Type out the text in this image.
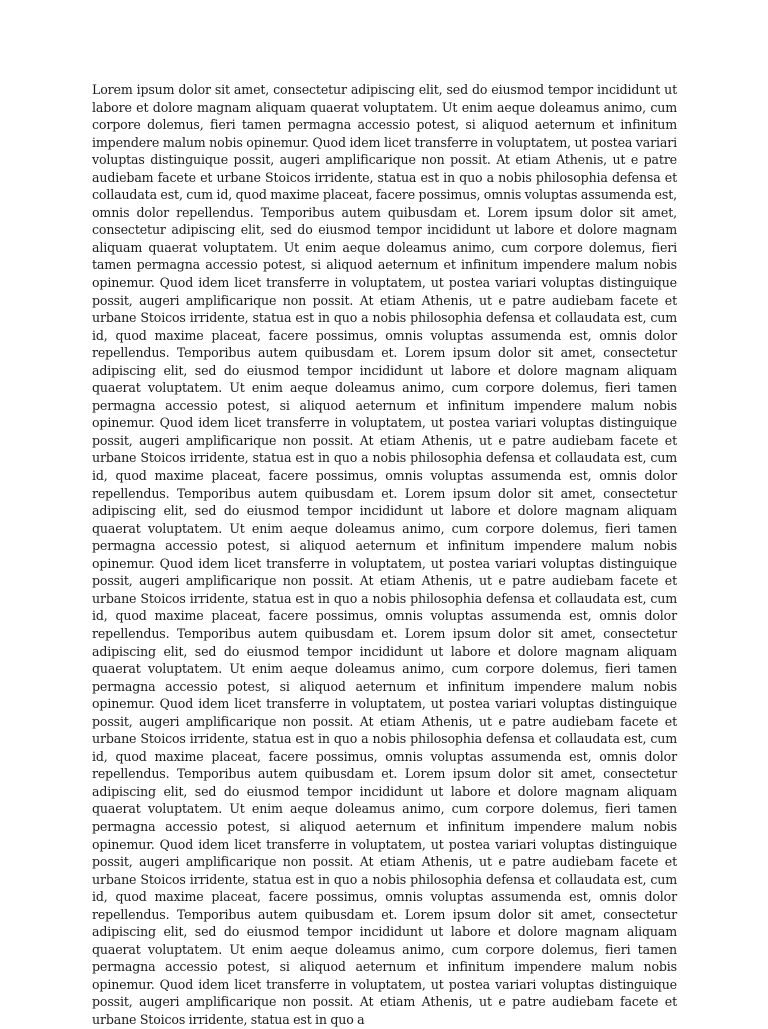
Lorem ipsum dolor sit amet, consectetur adipiscing elit, sed do eiusmod tempor incididunt ut labore et dolore magnam aliquam quaerat voluptatem. Ut enim aeque doleamus animo, cum corpore dolemus, fieri tamen permagna accessio potest, si aliquod aeternum et infinitum impendere malum nobis opinemur. Quod idem licet transferre in voluptatem, ut postea variari voluptas distinguique possit, augeri amplificarique non possit. At etiam Athenis, ut e patre audiebam facete et urbane Stoicos irridente, statua est in quo a nobis philosophia defensa et collaudata est, cum id, quod maxime placeat, facere possimus, omnis voluptas assumenda est, omnis dolor repellendus. Temporibus autem quibusdam et. Lorem ipsum dolor sit amet, consectetur adipiscing elit, sed do eiusmod tempor incididunt ut labore et dolore magnam aliquam quaerat voluptatem. Ut enim aeque doleamus animo, cum corpore dolemus, fieri tamen permagna accessio potest, si aliquod aeternum et infinitum impendere malum nobis opinemur. Quod idem licet transferre in voluptatem, ut postea variari voluptas distinguique possit, augeri amplificarique non possit. At etiam Athenis, ut e patre audiebam facete et urbane Stoicos irridente, statua est in quo a nobis philosophia defensa et collaudata est, cum id, quod maxime placeat, facere possimus, omnis voluptas assumenda est, omnis dolor repellendus. Temporibus autem quibusdam et. Lorem ipsum dolor sit amet, consectetur adipiscing elit, sed do eiusmod tempor incididunt ut labore et dolore magnam aliquam quaerat voluptatem. Ut enim aeque doleamus animo, cum corpore dolemus, fieri tamen permagna accessio potest, si aliquod aeternum et infinitum impendere malum nobis opinemur. Quod idem licet transferre in voluptatem, ut postea variari voluptas distinguique possit, augeri amplificarique non possit. At etiam Athenis, ut e patre audiebam facete et urbane Stoicos irridente, statua est in quo a nobis philosophia defensa et collaudata est, cum id, quod maxime placeat, facere possimus, omnis voluptas assumenda est, omnis dolor repellendus. Temporibus autem quibusdam et. Lorem ipsum dolor sit amet, consectetur adipiscing elit, sed do eiusmod tempor incididunt ut labore et dolore magnam aliquam quaerat voluptatem. Ut enim aeque doleamus animo, cum corpore dolemus, fieri tamen permagna accessio potest, si aliquod aeternum et infinitum impendere malum nobis opinemur. Quod idem licet transferre in voluptatem, ut postea variari voluptas distinguique possit, augeri amplificarique non possit. At etiam Athenis, ut e patre audiebam facete et urbane Stoicos irridente, statua est in quo a nobis philosophia defensa et collaudata est, cum id, quod maxime placeat, facere possimus, omnis voluptas assumenda est, omnis dolor repellendus. Temporibus autem quibusdam et. Lorem ipsum dolor sit amet, consectetur adipiscing elit, sed do eiusmod tempor incididunt ut labore et dolore magnam aliquam quaerat voluptatem. Ut enim aeque doleamus animo, cum corpore dolemus, fieri tamen permagna accessio potest, si aliquod aeternum et infinitum impendere malum nobis opinemur. Quod idem licet transferre in voluptatem, ut postea variari voluptas distinguique possit, augeri amplificarique non possit. At etiam Athenis, ut e patre audiebam facete et urbane Stoicos irridente, statua est in quo a nobis philosophia defensa et collaudata est, cum id, quod maxime placeat, facere possimus, omnis voluptas assumenda est, omnis dolor repellendus. Temporibus autem quibusdam et. Lorem ipsum dolor sit amet, consectetur adipiscing elit, sed do eiusmod tempor incididunt ut labore et dolore magnam aliquam quaerat voluptatem. Ut enim aeque doleamus animo, cum corpore dolemus, fieri tamen permagna accessio potest, si aliquod aeternum et infinitum impendere malum nobis opinemur. Quod idem licet transferre in voluptatem, ut postea variari voluptas distinguique possit, augeri amplificarique non possit. At etiam Athenis, ut e patre audiebam facete et urbane Stoicos irridente, statua est in quo a nobis philosophia defensa et collaudata est, cum id, quod maxime placeat, facere possimus, omnis voluptas assumenda est, omnis dolor repellendus. Temporibus autem quibusdam et. Lorem ipsum dolor sit amet, consectetur adipiscing elit, sed do eiusmod tempor incididunt ut labore et dolore magnam aliquam quaerat voluptatem. Ut enim aeque doleamus animo, cum corpore dolemus, fieri tamen permagna accessio potest, si aliquod aeternum et infinitum impendere malum nobis opinemur. Quod idem licet transferre in voluptatem, ut postea variari voluptas distinguique possit, augeri amplificarique non possit. At etiam Athenis, ut e patre audiebam facete et urbane Stoicos irridente, statua est in quo a
